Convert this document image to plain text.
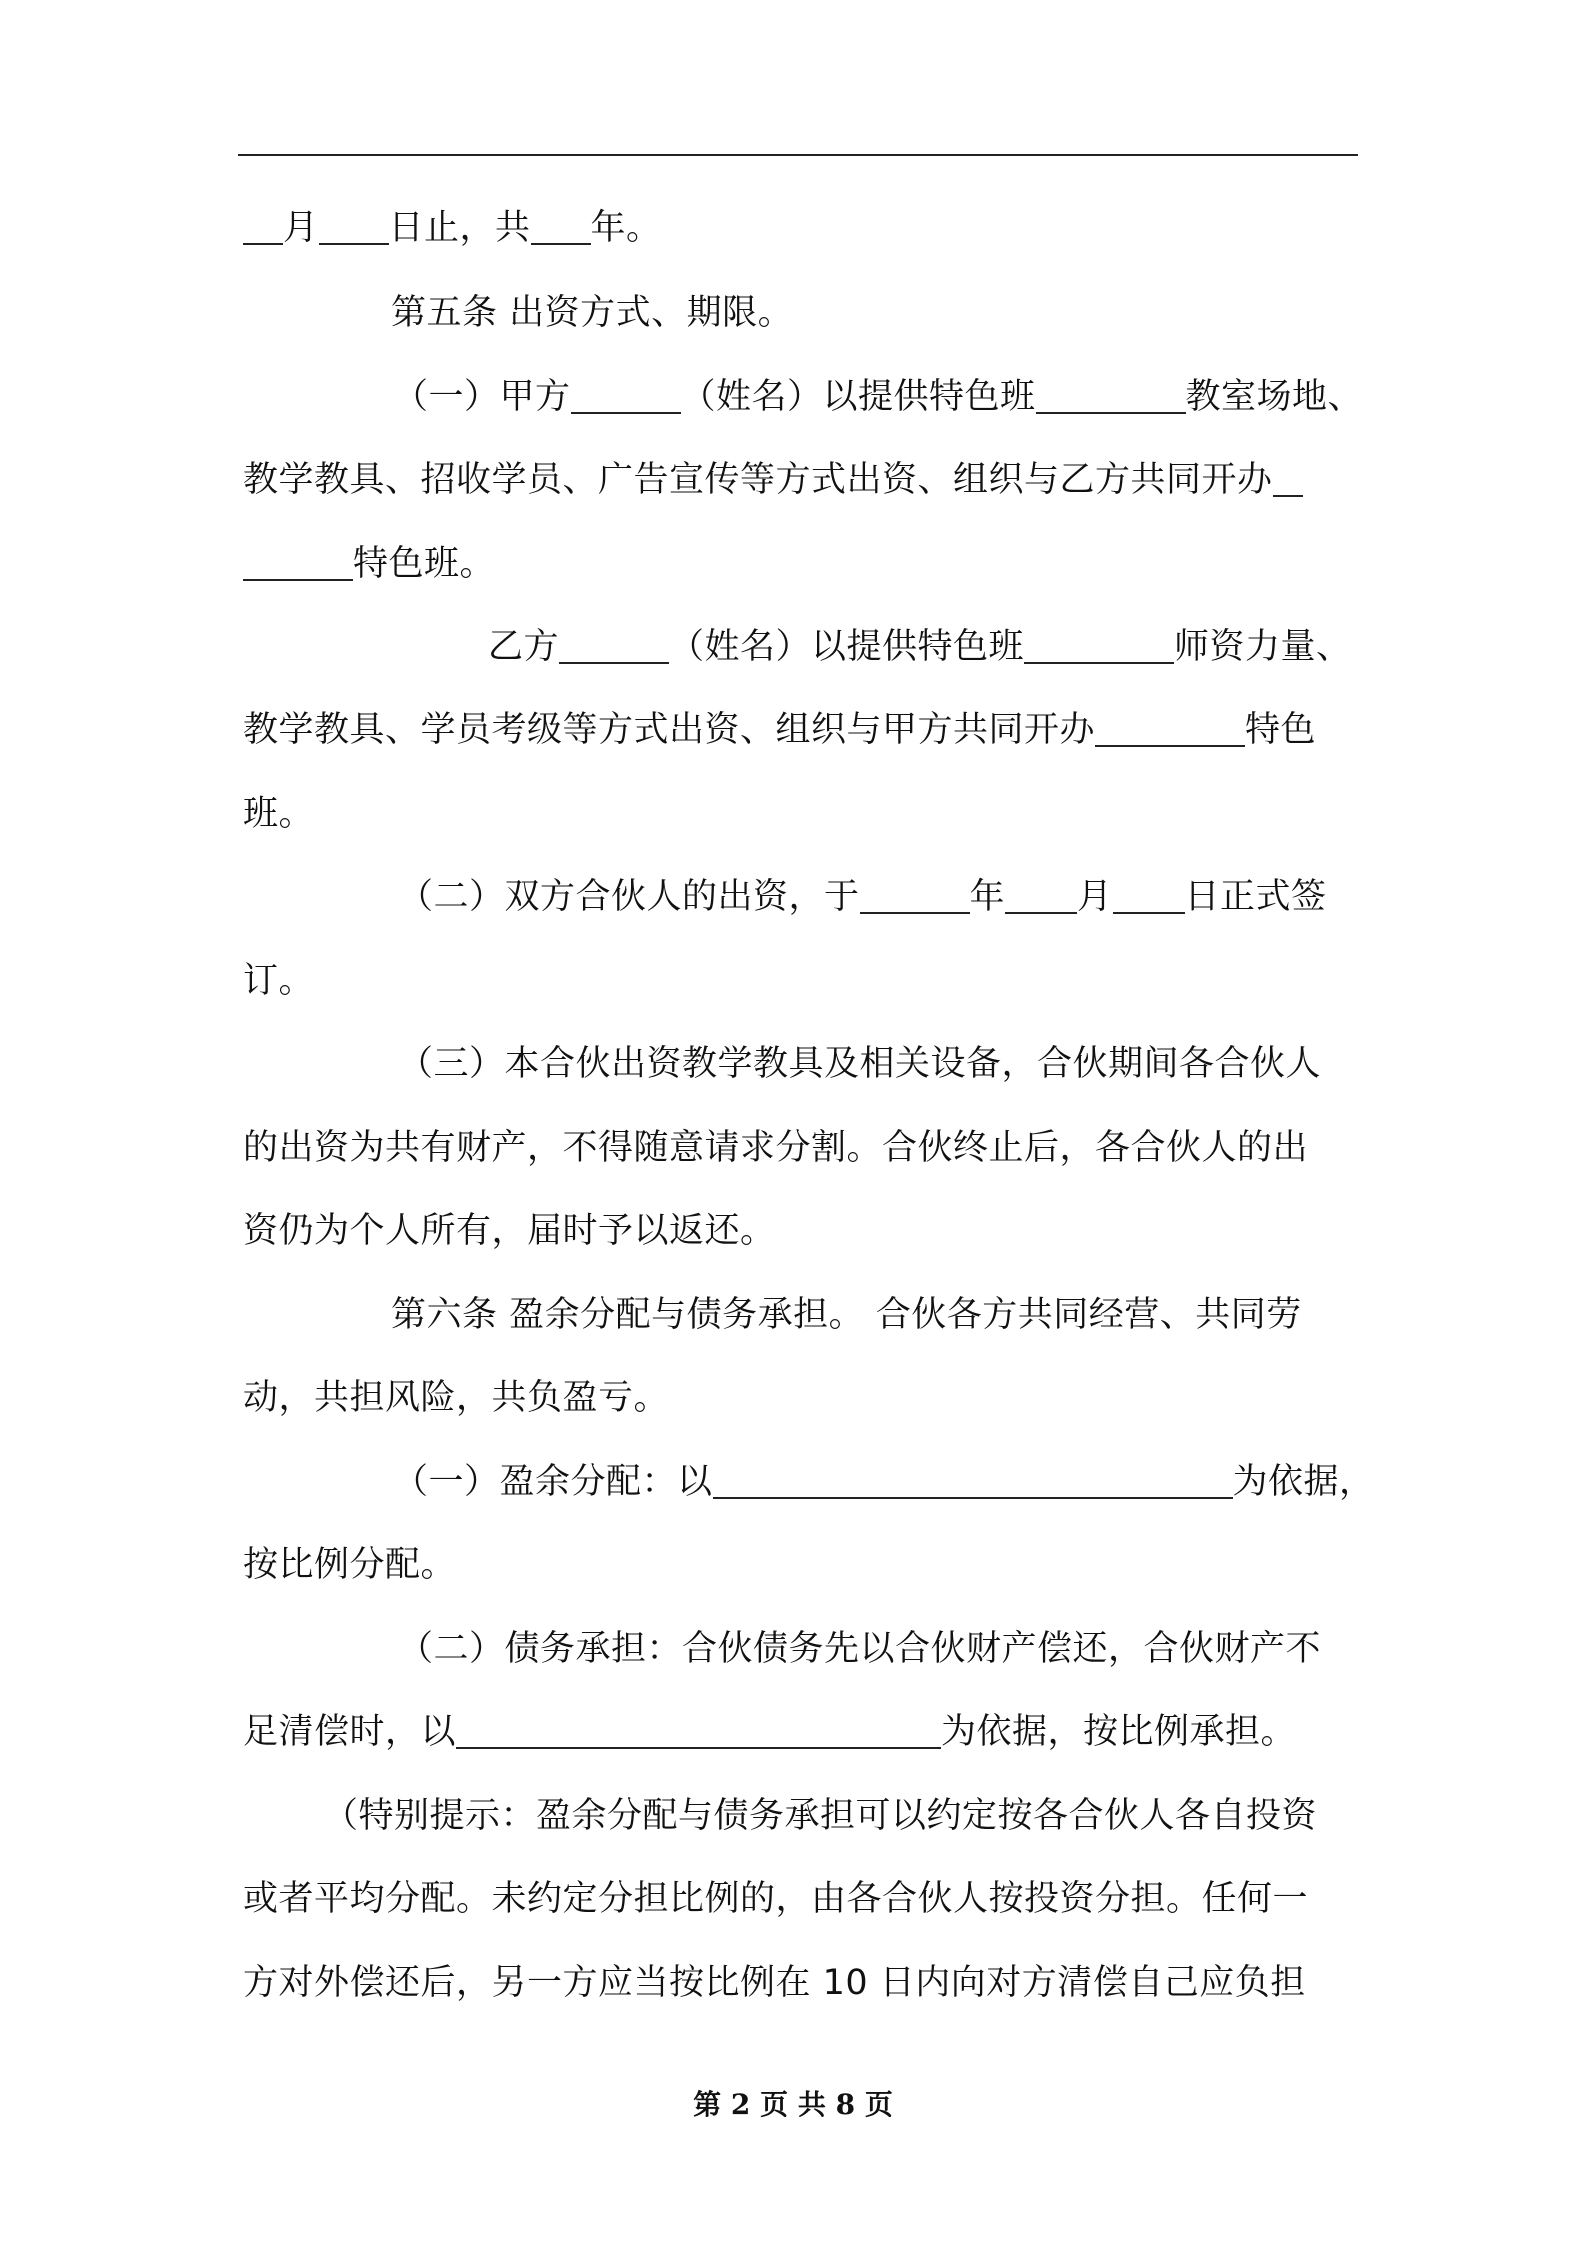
月 日止，共 年。
第五条 出资方式、期限。
（一）甲方	（姓名）以提供特色班	教室场地、
教学教具、招收学员、广告宣传等方式出资、组织与乙方共同开办
特色班。
乙方	（姓名）以提供特色班	师资力量、
教学教具、学员考级等方式出资、组织与甲方共同开办	特色
班。
（二）双方合伙人的出资，于	年 月 日正式签
订。
（三）本合伙出资教学教具及相关设备，合伙期间各合伙人
的出资为共有财产，不得随意请求分割。合伙终止后，各合伙人的出
资仍为个人所有，届时予以返还。
第六条 盈余分配与债务承担。 合伙各方共同经营、共同劳
动，共担风险，共负盈亏。
（一）盈余分配：以	为依据，
按比例分配。
（二）债务承担：合伙债务先以合伙财产偿还，合伙财产不
足清偿时，以	为依据，按比例承担。
（特别提示：盈余分配与债务承担可以约定按各合伙人各自投资
或者平均分配。未约定分担比例的，由各合伙人按投资分担。任何一
方对外偿还后，另一方应当按比例在 10 日内向对方清偿自己应负担
第 2 页 共 8 页
